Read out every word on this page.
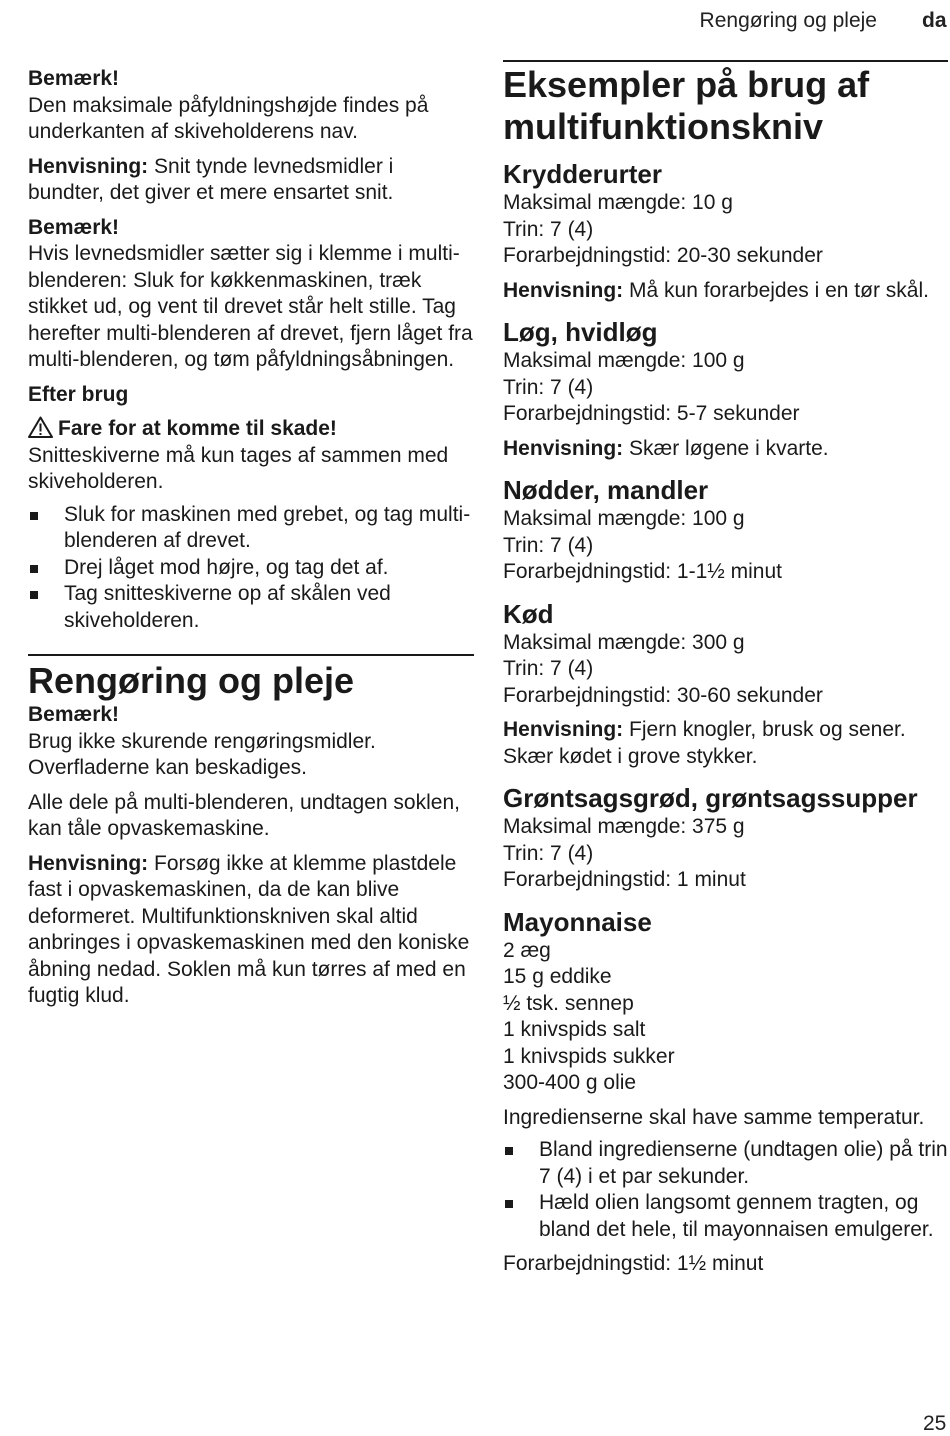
Rengøring og pleje da

Bemærk!

Den maksimale påfyldningshøjde findes på underkanten af skiveholderens nav.

Henvisning: Snit tynde levnedsmidler i bundter, det giver et mere ensartet snit.

Bemærk!

Hvis levnedsmidler sætter sig i klemme i multi-blenderen: Sluk for køkkenmaskinen, træk stikket ud, og vent til drevet står helt stille. Tag herefter multi-blenderen af drevet, fjern låget fra multi-blenderen, og tøm påfyldningsåbningen.

Efter brug

Fare for at komme til skade!

Snitteskiverne må kun tages af sammen med skiveholderen.

Sluk for maskinen med grebet, og tag multi-blenderen af drevet.
Drej låget mod højre, og tag det af.
Tag snitteskiverne op af skålen ved skiveholderen.
Rengøring og pleje

Bemærk!

Brug ikke skurende rengøringsmidler. Overfladerne kan beskadiges.

Alle dele på multi-blenderen, undtagen soklen, kan tåle opvaskemaskine.

Henvisning: Forsøg ikke at klemme plastdele fast i opvaskemaskinen, da de kan blive deformeret. Multifunktionskniven skal altid anbringes i opvaskemaskinen med den koniske åbning nedad. Soklen må kun tørres af med en fugtig klud.

Eksempler på brug af multifunktionskniv
Krydderurter

Maksimal mængde: 10 g

Trin: 7 (4)

Forarbejdningstid: 20-30 sekunder

Henvisning: Må kun forarbejdes i en tør skål.

Løg, hvidløg

Maksimal mængde: 100 g

Trin: 7 (4)

Forarbejdningstid: 5-7 sekunder

Henvisning: Skær løgene i kvarte.

Nødder, mandler

Maksimal mængde: 100 g

Trin: 7 (4)

Forarbejdningstid: 1-1½ minut

Kød

Maksimal mængde: 300 g

Trin: 7 (4)

Forarbejdningstid: 30-60 sekunder

Henvisning: Fjern knogler, brusk og sener. Skær kødet i grove stykker.

Grøntsagsgrød, grøntsagssupper

Maksimal mængde: 375 g

Trin: 7 (4)

Forarbejdningstid: 1 minut

Mayonnaise

2 æg

15 g eddike

½ tsk. sennep

1 knivspids salt

1 knivspids sukker

300-400 g olie

Ingredienserne skal have samme temperatur.

Bland ingredienserne (undtagen olie) på trin 7 (4) i et par sekunder.
Hæld olien langsomt gennem tragten, og bland det hele, til mayonnaisen emulgerer.

Forarbejdningstid: 1½ minut

25
